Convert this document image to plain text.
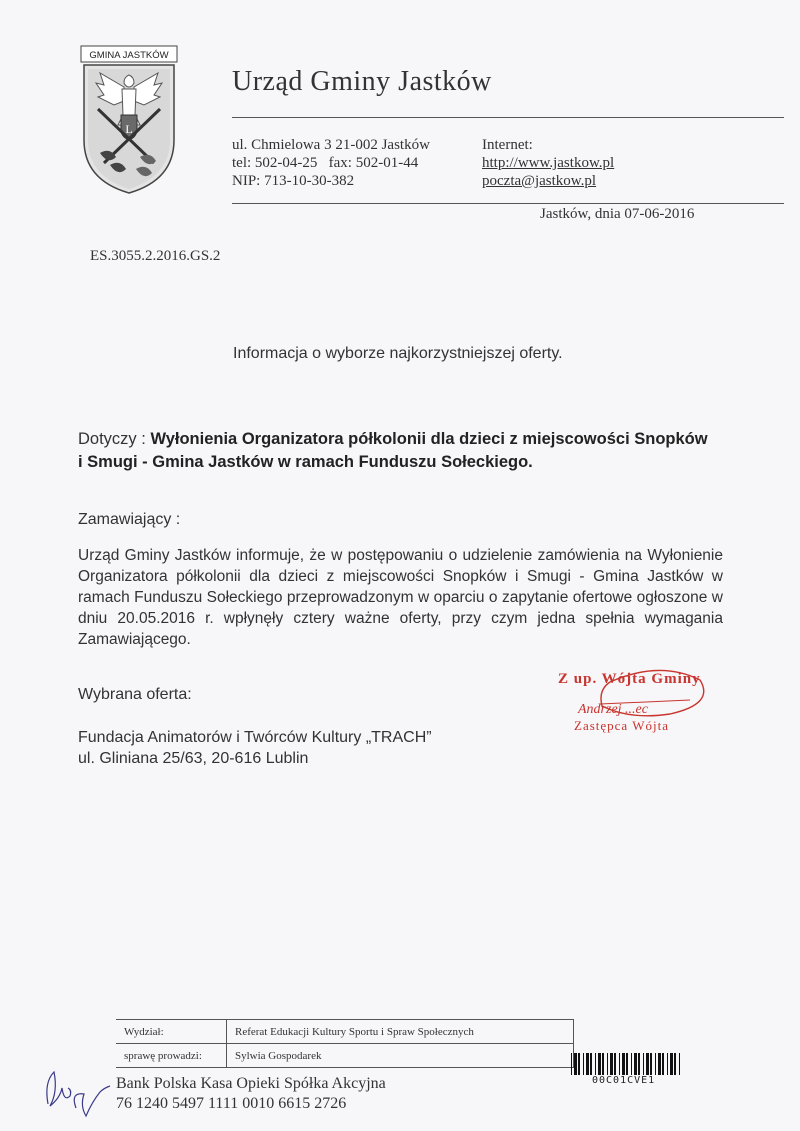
GMINA JASTKÓW
L
Urząd Gminy Jastków
ul. Chmielowa 3 21-002 Jastków
tel: 502-04-25   fax: 502-01-44
NIP: 713-10-30-382
Internet:
http://www.jastkow.pl
poczta@jastkow.pl
Jastków, dnia 07-06-2016
ES.3055.2.2016.GS.2
Informacja o wyborze najkorzystniejszej oferty.
Dotyczy : Wyłonienia Organizatora półkolonii dla dzieci z miejscowości Snopków
i Smugi - Gmina Jastków w ramach Funduszu Sołeckiego.
Zamawiający :
Urząd Gminy Jastków informuje, że w postępowaniu o udzielenie zamówienia na Wyłonienie Organizatora półkolonii dla dzieci z miejscowości Snopków i Smugi - Gmina Jastków w ramach Funduszu Sołeckiego przeprowadzonym w oparciu o zapytanie ofertowe ogłoszone w dniu 20.05.2016 r. wpłynęły cztery ważne oferty, przy czym jedna spełnia wymagania Zamawiającego.
Wybrana oferta:
Fundacja Animatorów i Twórców Kultury „TRACH”
ul. Gliniana 25/63, 20-616 Lublin
Z up. Wójta Gminy
Andrzej ...ec
Zastępca Wójta
Wydział:	Referat Edukacji Kultury Sportu i Spraw Społecznych
sprawę prowadzi:	Sylwia Gospodarek
Bank Polska Kasa Opieki Spółka Akcyjna
76 1240 5497 1111 0010 6615 2726
00C01CVE1
